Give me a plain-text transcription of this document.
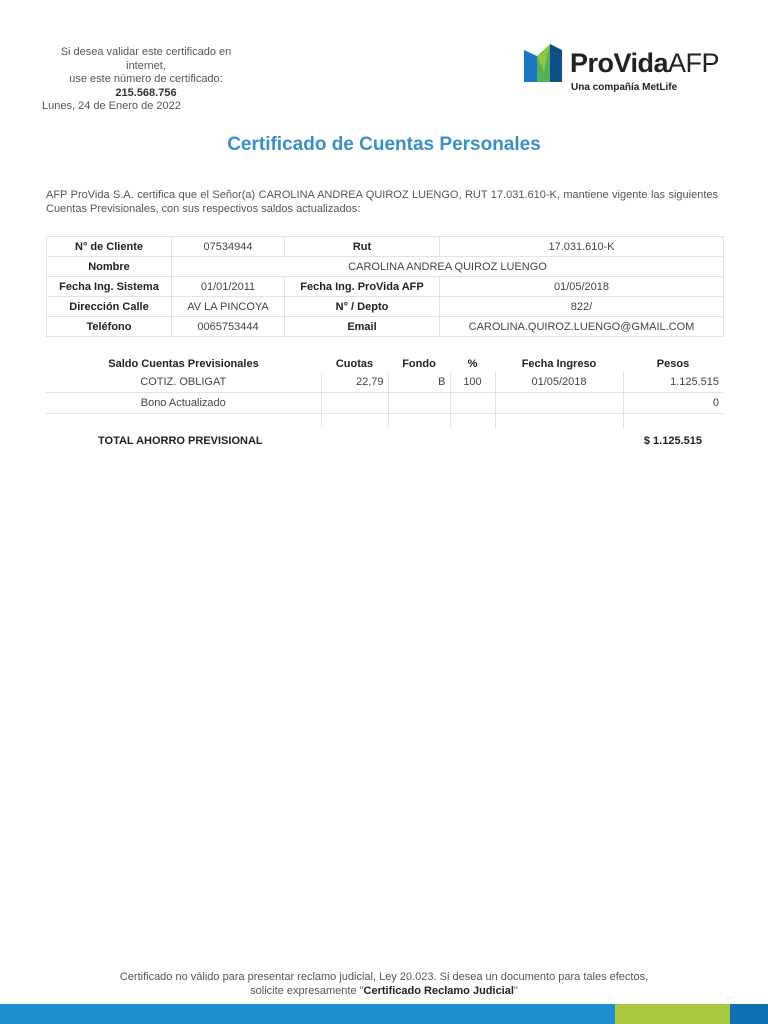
Si desea validar este certificado en internet,
use este número de certificado:
215.568.756
Lunes, 24 de Enero de 2022
ProVidaAFP
Una compañía MetLife
Certificado de Cuentas Personales
AFP ProVida S.A. certifica que el Señor(a) CAROLINA ANDREA QUIROZ LUENGO, RUT 17.031.610-K, mantiene vigente las siguientes Cuentas Previsionales, con sus respectivos saldos actualizados:
N° de Cliente	07534944	Rut	17.031.610-K
Nombre	CAROLINA ANDREA QUIROZ LUENGO		
Fecha Ing. Sistema	01/01/2011	Fecha Ing. ProVida AFP	01/05/2018
Dirección Calle	AV LA PINCOYA	N° / Depto	822/
Teléfono	0065753444	Email	CAROLINA.QUIROZ.LUENGO@GMAIL.COM
Saldo Cuentas Previsionales	Cuotas	Fondo	%	Fecha Ingreso	Pesos
COTIZ. OBLIGAT	22,79	B	100	01/05/2018	1.125.515
Bono Actualizado					0

TOTAL AHORRO PREVISIONAL	$ 1.125.515
Certificado no válido para presentar reclamo judicial, Ley 20.023. Si desea un documento para tales efectos,
solicite expresamente "Certificado Reclamo Judicial"
